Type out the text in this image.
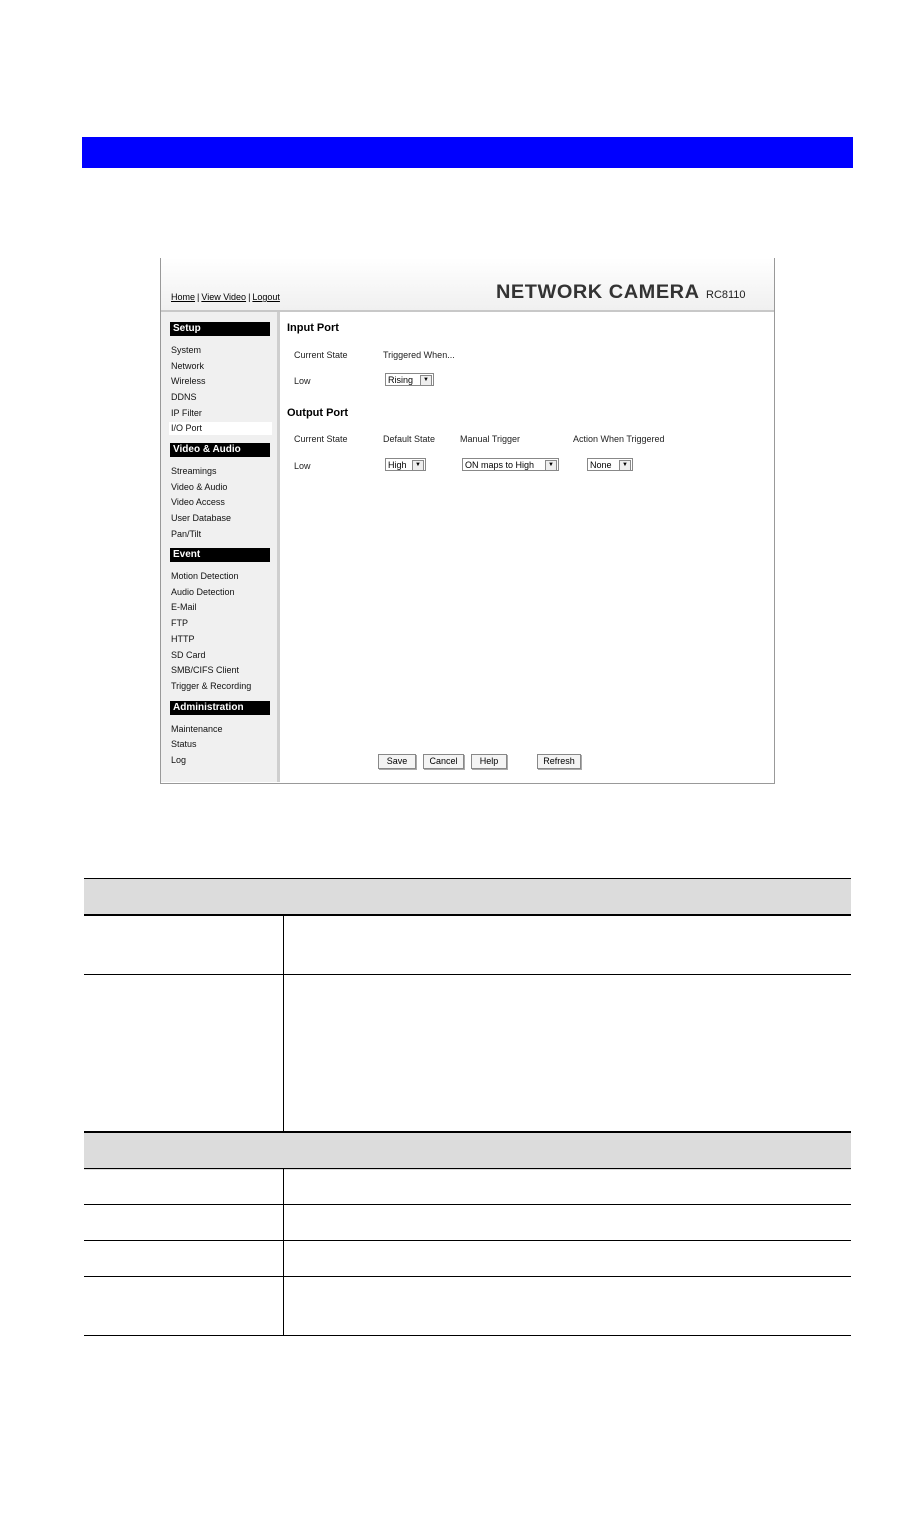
Home | View Video | Logout	NETWORK CAMERA RC8110
Setup
System
Network
Wireless
DDNS
IP Filter
I/O Port
Video & Audio
Streamings
Video & Audio
Video Access
User Database
Pan/Tilt
Event
Motion Detection
Audio Detection
E-Mail
FTP
HTTP
SD Card
SMB/CIFS Client
Trigger & Recording
Administration
Maintenance
Status
Log
Input Port
Current State	Triggered When...
Low	Rising	▼
Output Port
Current State	Default State	Manual Trigger	Action When Triggered
Low	High	▼	ON maps to High	▼	None	▼
Save	Cancel	Help	Refresh
